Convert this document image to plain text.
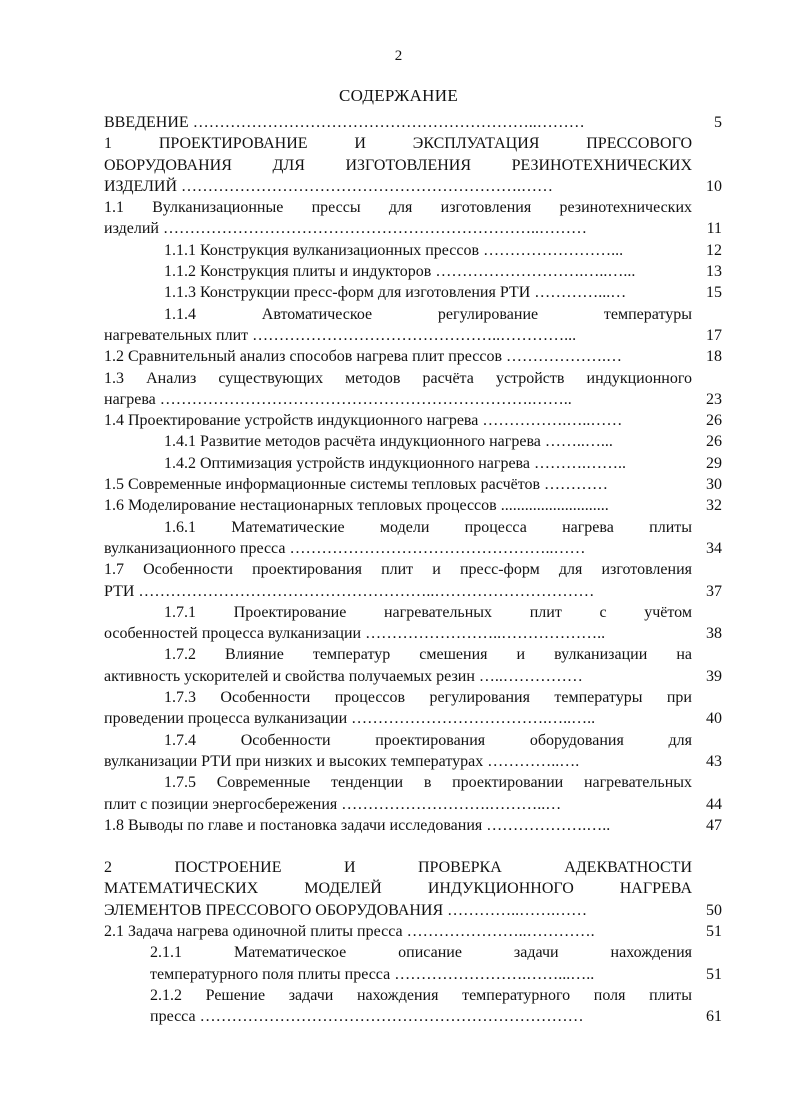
2
СОДЕРЖАНИЕ
ВВЕДЕНИЕ ………………………………………………………..………	5
1 ПРОЕКТИРОВАНИЕ И ЭКСПЛУАТАЦИЯ ПРЕССОВОГО
ОБОРУДОВАНИЯ ДЛЯ ИЗГОТОВЛЕНИЯ РЕЗИНОТЕХНИЧЕСКИХ
ИЗДЕЛИЙ ……………………………………………………….……	10
1.1 Вулканизационные прессы для изготовления резинотехнических
изделий ……………………………………………………………..………	11
1.1.1 Конструкция вулканизационных прессов ……………………...	12
1.1.2 Конструкция плиты и индукторов ……………………….…..…...	13
1.1.3 Конструкции пресс-форм для изготовления РТИ …………...…	15
1.1.4 Автоматическое регулирование температуры
нагревательных плит ………………………………………..…………...	17
1.2 Сравнительный анализ способов нагрева плит прессов ……………….…	18
1.3 Анализ существующих методов расчёта устройств индукционного
нагрева …………………………………………………………….……..	23
1.4 Проектирование устройств индукционного нагрева …………….…..……	26
1.4.1 Развитие методов расчёта индукционного нагрева ……..…...	26
1.4.2 Оптимизация устройств индукционного нагрева ……….……..	29
1.5 Современные информационные системы тепловых расчётов …………	30
1.6 Моделирование нестационарных тепловых процессов ...........................	32
1.6.1 Математические модели процесса нагрева плиты
вулканизационного пресса …………………………………………..……	34
1.7 Особенности проектирования плит и пресс-форм для изготовления
РТИ ………………………………………………..…………………………	37
1.7.1 Проектирование нагревательных плит с учётом
особенностей процесса вулканизации ……………………..………………..	38
1.7.2 Влияние температур смешения и вулканизации на
активность ускорителей и свойства получаемых резин …..……………	39
1.7.3 Особенности процессов регулирования температуры при
проведении процесса вулканизации ……………………………….…..…..	40
1.7.4 Особенности проектирования оборудования для
вулканизации РТИ при низких и высоких температурах …………..….	43
1.7.5 Современные тенденции в проектировании нагревательных
плит с позиции энергосбережения ……………………….………..…	44
1.8 Выводы по главе и постановка задачи исследования ……………….…..	47
2 ПОСТРОЕНИЕ И ПРОВЕРКА АДЕКВАТНОСТИ
МАТЕМАТИЧЕСКИХ МОДЕЛЕЙ ИНДУКЦИОННОГО НАГРЕВА
ЭЛЕМЕНТОВ ПРЕССОВОГО ОБОРУДОВАНИЯ …………..…….……	50
2.1 Задача нагрева одиночной плиты пресса …………………..………….	51
2.1.1 Математическое описание задачи нахождения
температурного поля плиты пресса …………………….……...…..	51
2.1.2 Решение задачи нахождения температурного поля плиты
пресса ………………………………………………………………	61
